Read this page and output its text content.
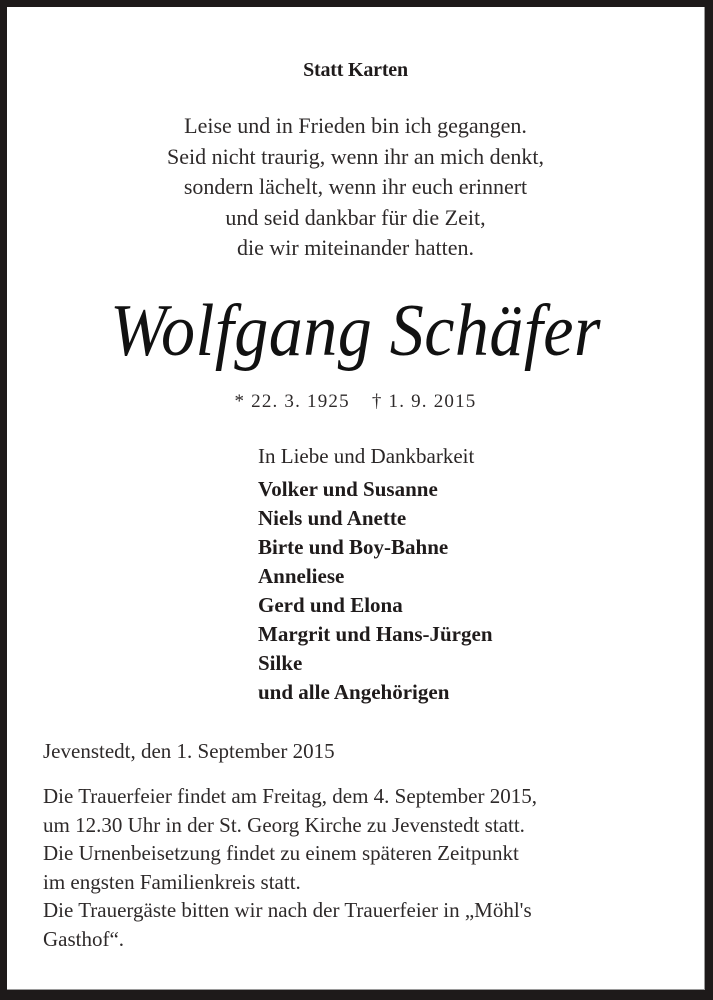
Statt Karten
Leise und in Frieden bin ich gegangen.
Seid nicht traurig, wenn ihr an mich denkt,
sondern lächelt, wenn ihr euch erinnert
und seid dankbar für die Zeit,
die wir miteinander hatten.
Wolfgang Schäfer
* 22. 3. 1925 † 1. 9. 2015
In Liebe und Dankbarkeit
Volker und Susanne
Niels und Anette
Birte und Boy-Bahne
Anneliese
Gerd und Elona
Margrit und Hans-Jürgen
Silke
und alle Angehörigen
Jevenstedt, den 1. September 2015
Die Trauerfeier findet am Freitag, dem 4. September 2015,
um 12.30 Uhr in der St. Georg Kirche zu Jevenstedt statt.
Die Urnenbeisetzung findet zu einem späteren Zeitpunkt
im engsten Familienkreis statt.
Die Trauergäste bitten wir nach der Trauerfeier in „Möhl's
Gasthof“.
